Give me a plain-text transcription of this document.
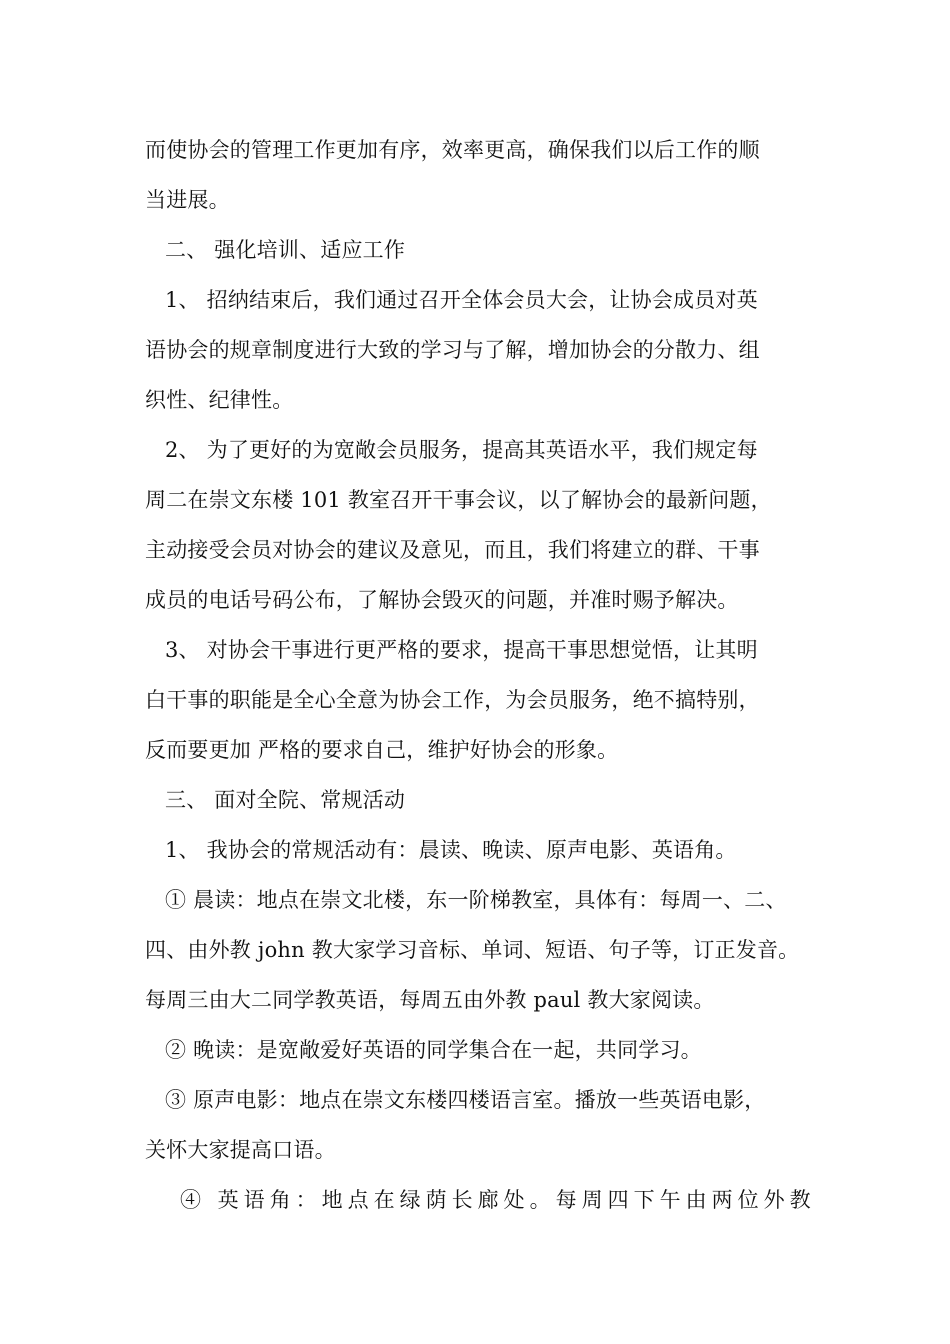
而使协会的管理工作更加有序，效率更高，确保我们以后工作的顺
当进展。
二、 强化培训、适应工作
1、 招纳结束后，我们通过召开全体会员大会，让协会成员对英
语协会的规章制度进行大致的学习与了解，增加协会的分散力、组
织性、纪律性。
2、 为了更好的为宽敞会员服务，提高其英语水平，我们规定每
周二在崇文东楼 101 教室召开干事会议，以了解协会的最新问题，
主动接受会员对协会的建议及意见，而且，我们将建立的群、干事
成员的电话号码公布，了解协会毁灭的问题，并准时赐予解决。
3、 对协会干事进行更严格的要求，提高干事思想觉悟，让其明
白干事的职能是全心全意为协会工作，为会员服务，绝不搞特别，
反而要更加 严格的要求自己，维护好协会的形象。
三、 面对全院、常规活动
1、 我协会的常规活动有：晨读、晚读、原声电影、英语角。
① 晨读：地点在崇文北楼，东一阶梯教室，具体有：每周一、二、
四、由外教 john 教大家学习音标、单词、短语、句子等，订正发音。
每周三由大二同学教英语，每周五由外教 paul 教大家阅读。
② 晚读：是宽敞爱好英语的同学集合在一起，共同学习。
③ 原声电影：地点在崇文东楼四楼语言室。播放一些英语电影，
关怀大家提高口语。
④ 英语角：地点在绿荫长廊处。每周四下午由两位外教
